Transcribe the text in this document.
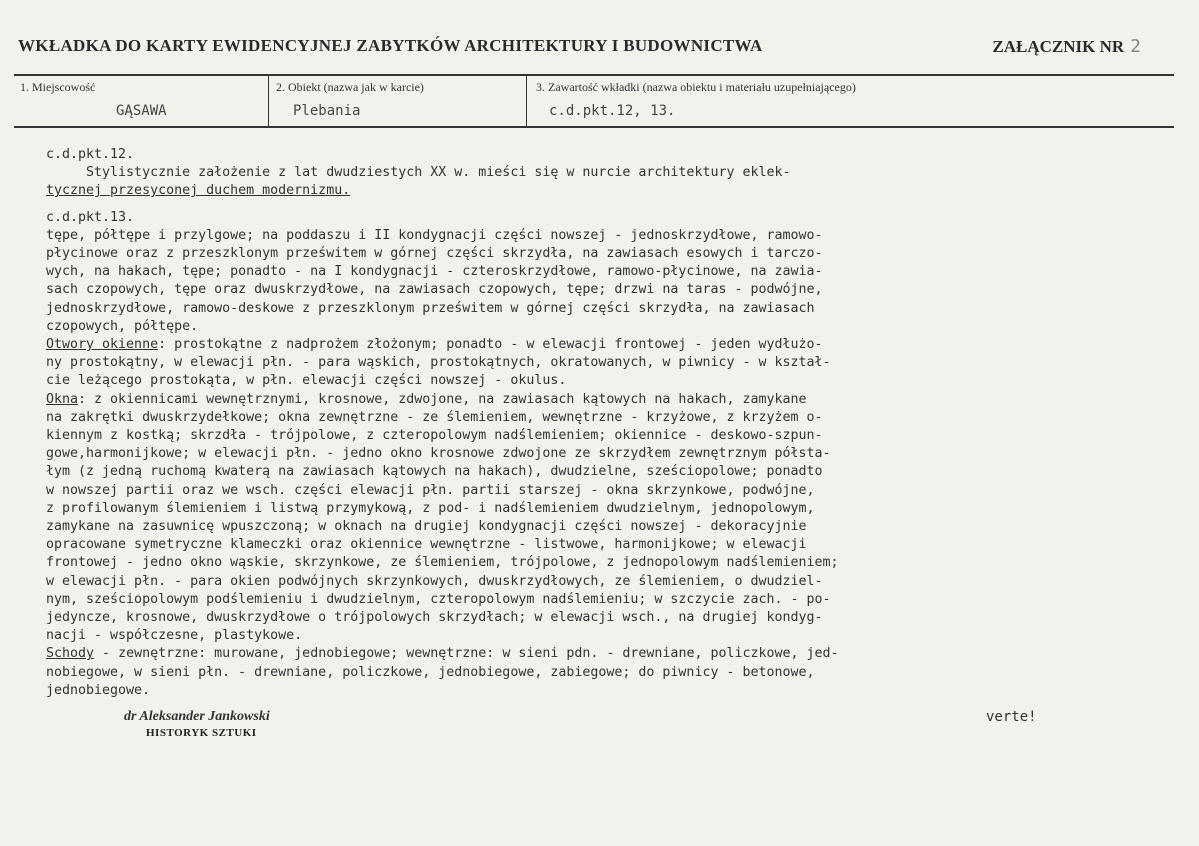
WKŁADKA DO KARTY EWIDENCYJNEJ ZABYTKÓW ARCHITEKTURY I BUDOWNICTWA	ZAŁĄCZNIK NR 2
1. Miejscowość
GĄSAWA
2. Obiekt (nazwa jak w karcie)
Plebania
3. Zawartość wkładki (nazwa obiektu i materiału uzupełniającego)
c.d.pkt.12, 13.
c.d.pkt.12.
Stylistycznie założenie z lat dwudziestych XX w. mieści się w nurcie architektury eklek-
tycznej przesyconej duchem modernizmu.
c.d.pkt.13.
tępe, półtępe i przylgowe; na poddaszu i II kondygnacji części nowszej - jednoskrzydłowe, ramowo-
płycinowe oraz z przeszklonym prześwitem w górnej części skrzydła, na zawiasach esowych i tarczo-
wych, na hakach, tępe; ponadto - na I kondygnacji - czteroskrzydłowe, ramowo-płycinowe, na zawia-
sach czopowych, tępe oraz dwuskrzydłowe, na zawiasach czopowych, tępe; drzwi na taras - podwójne,
jednoskrzydłowe, ramowo-deskowe z przeszklonym prześwitem w górnej części skrzydła, na zawiasach
czopowych, półtępe.
Otwory okienne: prostokątne z nadprożem złożonym; ponadto - w elewacji frontowej - jeden wydłużo-
ny prostokątny, w elewacji płn. - para wąskich, prostokątnych, okratowanych, w piwnicy - w kształ-
cie leżącego prostokąta, w płn. elewacji części nowszej - okulus.
Okna: z okiennicami wewnętrznymi, krosnowe, zdwojone, na zawiasach kątowych na hakach, zamykane
na zakrętki dwuskrzydełkowe; okna zewnętrzne - ze ślemieniem, wewnętrzne - krzyżowe, z krzyżem o-
kiennym z kostką; skrzdła - trójpolowe, z czteropolowym nadślemieniem; okiennice - deskowo-szpun-
gowe,harmonijkowe; w elewacji płn. - jedno okno krosnowe zdwojone ze skrzydłem zewnętrznym półsta-
łym (z jedną ruchomą kwaterą na zawiasach kątowych na hakach), dwudzielne, sześciopolowe; ponadto
w nowszej partii oraz we wsch. części elewacji płn. partii starszej - okna skrzynkowe, podwójne,
z profilowanym ślemieniem i listwą przymykową, z pod- i nadślemieniem dwudzielnym, jednopolowym,
zamykane na zasuwnicę wpuszczoną; w oknach na drugiej kondygnacji części nowszej - dekoracyjnie
opracowane symetryczne klameczki oraz okiennice wewnętrzne - listwowe, harmonijkowe; w elewacji
frontowej - jedno okno wąskie, skrzynkowe, ze ślemieniem, trójpolowe, z jednopolowym nadślemieniem;
w elewacji płn. - para okien podwójnych skrzynkowych, dwuskrzydłowych, ze ślemieniem, o dwudziel-
nym, sześciopolowym podślemieniu i dwudzielnym, czteropolowym nadślemieniu; w szczycie zach. - po-
jedyncze, krosnowe, dwuskrzydłowe o trójpolowych skrzydłach; w elewacji wsch., na drugiej kondyg-
nacji - współczesne, plastykowe.
Schody - zewnętrzne: murowane, jednobiegowe; wewnętrzne: w sieni pdn. - drewniane, policzkowe, jed-
nobiegowe, w sieni płn. - drewniane, policzkowe, jednobiegowe, zabiegowe; do piwnicy - betonowe,
jednobiegowe.
dr Aleksander Jankowski
HISTORYK SZTUKI
verte!
